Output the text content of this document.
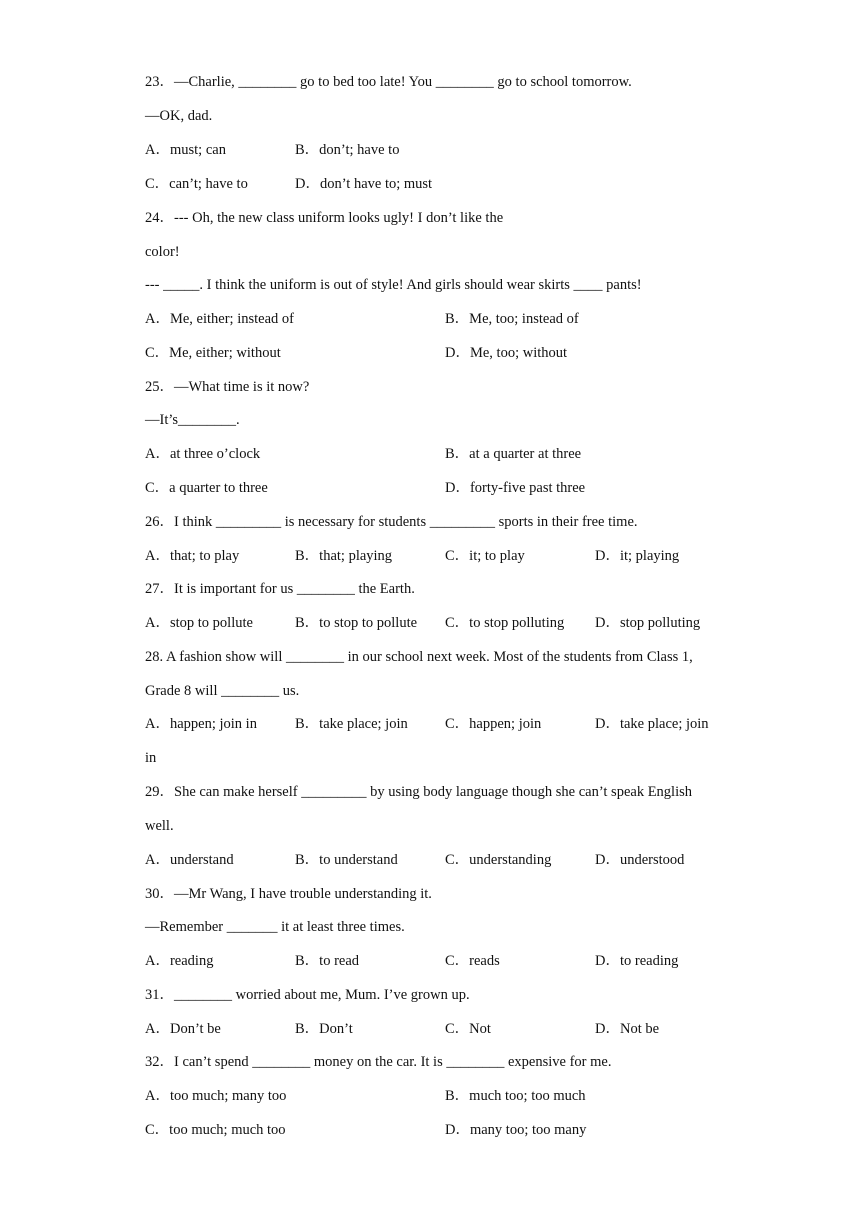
23．—Charlie, ________ go to bed too late! You ________ go to school tomorrow.
—OK, dad.
A．must; can	B．don’t; have to
C．can’t; have to	D．don’t have to; must
24．--- Oh, the new class uniform looks ugly! I don’t like the
color!
--- _____. I think the uniform is out of style! And girls should wear skirts ____ pants!
A．Me, either; instead of	B．Me, too; instead of
C．Me, either; without	D．Me, too; without
25．—What time is it now?
—It’s________.
A．at three o’clock	B．at a quarter at three
C．a quarter to three	D．forty-five past three
26．I think _________ is necessary for students _________ sports in their free time.
A．that; to play	B．that; playing	C．it; to play	D．it; playing
27．It is important for us ________ the Earth.
A．stop to pollute	B．to stop to pollute C．to stop polluting D．stop polluting
28. A fashion show will ________ in our school next week. Most of the students from Class 1,
Grade 8 will ________ us.
A．happen; join in	B．take place; join	C．happen; join	D．take place; join
in
29．She can make herself _________ by using body language though she can’t speak English
well.
A．understand	B．to understand	C．understanding	D．understood
30．—Mr Wang, I have trouble understanding it.
—Remember _______ it at least three times.
A．reading	B．to read	C．reads	D．to reading
31．________ worried about me, Mum. I’ve grown up.
A．Don’t be	B．Don’t	C．Not	D．Not be
32．I can’t spend ________ money on the car. It is ________ expensive for me.
A．too much; many too	B．much too; too much
C．too much; much too	D．many too; too many
